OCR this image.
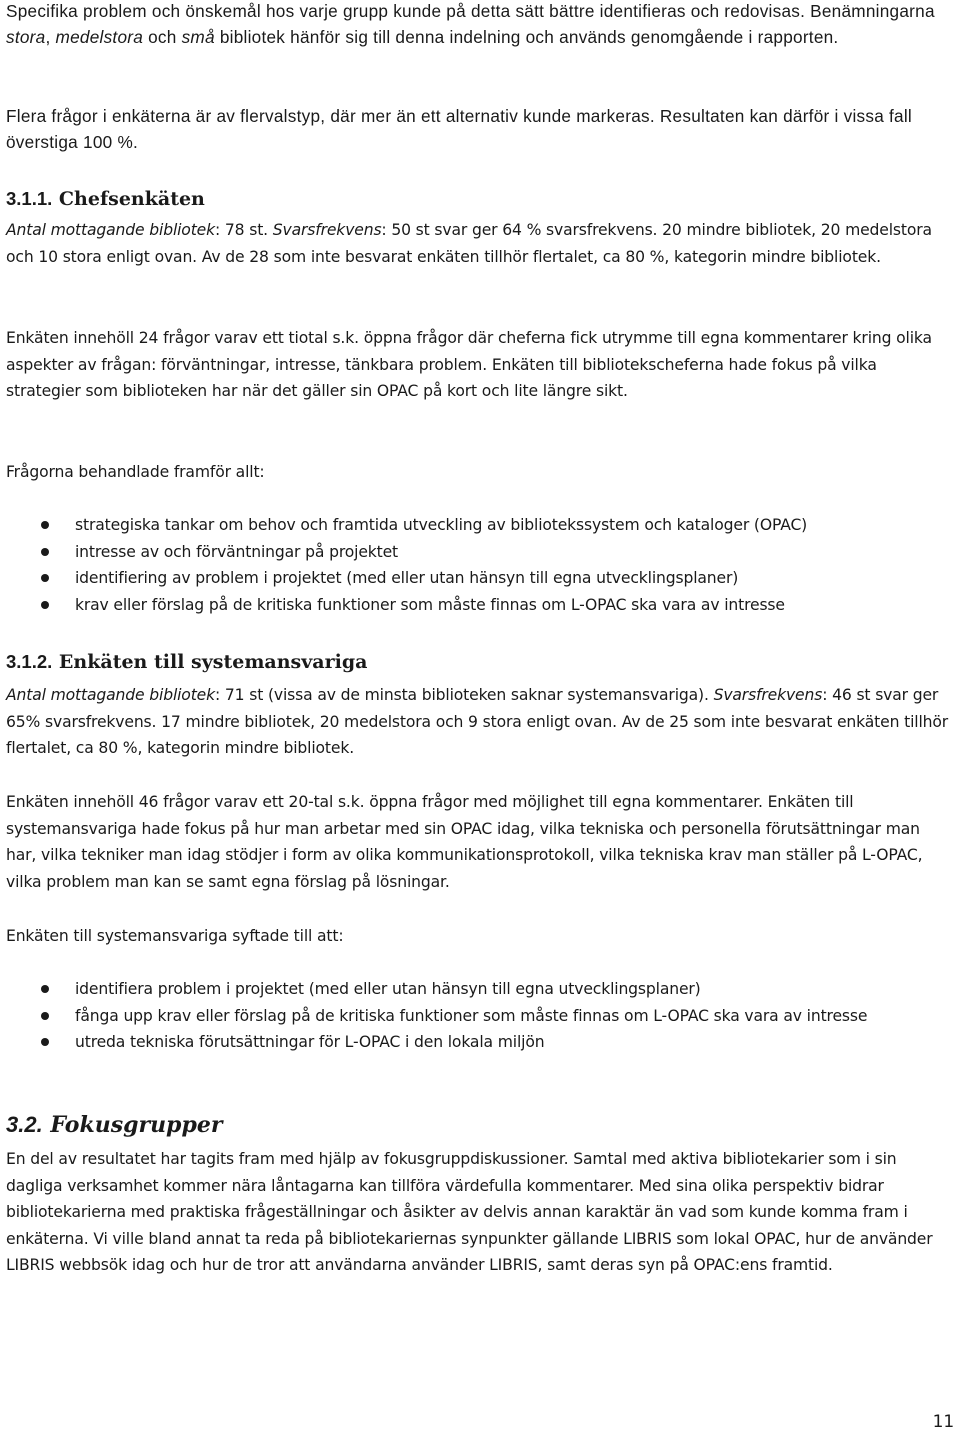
Specifika problem och önskemål hos varje grupp kunde på detta sätt bättre identifieras och redovisas. Benämningarna stora, medelstora och små bibliotek hänför sig till denna indelning och används genomgående i rapporten.

Flera frågor i enkäterna är av flervalstyp, där mer än ett alternativ kunde markeras. Resultaten kan därför i vissa fall överstiga 100 %.

3.1.1. Chefsenkäten

Antal mottagande bibliotek: 78 st. Svarsfrekvens: 50 st svar ger 64 % svarsfrekvens. 20 mindre bibliotek, 20 medelstora och 10 stora enligt ovan. Av de 28 som inte besvarat enkäten tillhör flertalet, ca 80 %, kategorin mindre bibliotek.

Enkäten innehöll 24 frågor varav ett tiotal s.k. öppna frågor där cheferna fick utrymme till egna kommentarer kring olika aspekter av frågan: förväntningar, intresse, tänkbara problem. Enkäten till bibliotekscheferna hade fokus på vilka strategier som biblioteken har när det gäller sin OPAC på kort och lite längre sikt.

Frågorna behandlade framför allt:

strategiska tankar om behov och framtida utveckling av bibliotekssystem och kataloger (OPAC)
intresse av och förväntningar på projektet
identifiering av problem i projektet (med eller utan hänsyn till egna utvecklingsplaner)
krav eller förslag på de kritiska funktioner som måste finnas om L-OPAC ska vara av intresse
3.1.2. Enkäten till systemansvariga

Antal mottagande bibliotek: 71 st (vissa av de minsta biblioteken saknar systemansvariga). Svarsfrekvens: 46 st svar ger 65% svarsfrekvens. 17 mindre bibliotek, 20 medelstora och 9 stora enligt ovan. Av de 25 som inte besvarat enkäten tillhör flertalet, ca 80 %, kategorin mindre bibliotek.

Enkäten innehöll 46 frågor varav ett 20-tal s.k. öppna frågor med möjlighet till egna kommentarer. Enkäten till systemansvariga hade fokus på hur man arbetar med sin OPAC idag, vilka tekniska och personella förutsättningar man har, vilka tekniker man idag stödjer i form av olika kommunikationsprotokoll, vilka tekniska krav man ställer på L-OPAC, vilka problem man kan se samt egna förslag på lösningar.

Enkäten till systemansvariga syftade till att:

identifiera problem i projektet (med eller utan hänsyn till egna utvecklingsplaner)
fånga upp krav eller förslag på de kritiska funktioner som måste finnas om L-OPAC ska vara av intresse
utreda tekniska förutsättningar för L-OPAC i den lokala miljön
3.2. Fokusgrupper

En del av resultatet har tagits fram med hjälp av fokusgruppdiskussioner. Samtal med aktiva bibliotekarier som i sin dagliga verksamhet kommer nära låntagarna kan tillföra värdefulla kommentarer. Med sina olika perspektiv bidrar bibliotekarierna med praktiska frågeställningar och åsikter av delvis annan karaktär än vad som kunde komma fram i enkäterna. Vi ville bland annat ta reda på bibliotekariernas synpunkter gällande LIBRIS som lokal OPAC, hur de använder LIBRIS webbsök idag och hur de tror att användarna använder LIBRIS, samt deras syn på OPAC:ens framtid.

11
